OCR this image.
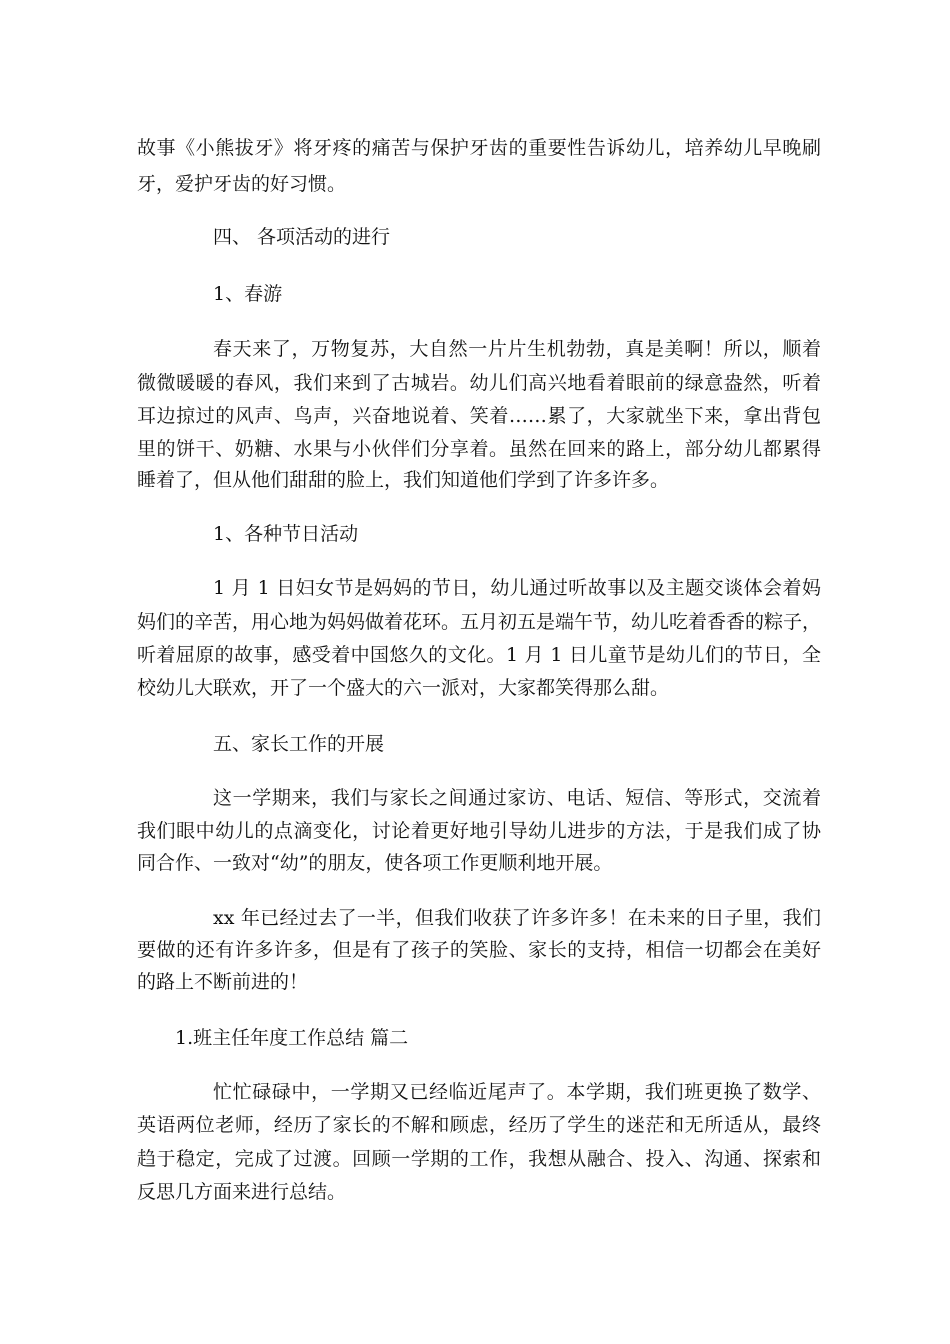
故事《小熊拔牙》将牙疼的痛苦与保护牙齿的重要性告诉幼儿，培养幼儿早晚刷

牙，爱护牙齿的好习惯。

四、 各项活动的进行

1、春游

春天来了，万物复苏，大自然一片片生机勃勃，真是美啊！所以，顺着

微微暖暖的春风，我们来到了古城岩。幼儿们高兴地看着眼前的绿意盎然，听着

耳边掠过的风声、鸟声，兴奋地说着、笑着……累了，大家就坐下来，拿出背包

里的饼干、奶糖、水果与小伙伴们分享着。虽然在回来的路上，部分幼儿都累得

睡着了，但从他们甜甜的脸上，我们知道他们学到了许多许多。

1、各种节日活动

1 月 1 日妇女节是妈妈的节日，幼儿通过听故事以及主题交谈体会着妈

妈们的辛苦，用心地为妈妈做着花环。五月初五是端午节，幼儿吃着香香的粽子，

听着屈原的故事，感受着中国悠久的文化。1 月 1 日儿童节是幼儿们的节日，全

校幼儿大联欢，开了一个盛大的六一派对，大家都笑得那么甜。

五、家长工作的开展

这一学期来，我们与家长之间通过家访、电话、短信、等形式，交流着

我们眼中幼儿的点滴变化，讨论着更好地引导幼儿进步的方法，于是我们成了协

同合作、一致对“幼”的朋友，使各项工作更顺利地开展。

xx 年已经过去了一半，但我们收获了许多许多！在未来的日子里，我们

要做的还有许多许多，但是有了孩子的笑脸、家长的支持，相信一切都会在美好

的路上不断前进的！

1.班主任年度工作总结 篇二

忙忙碌碌中，一学期又已经临近尾声了。本学期，我们班更换了数学、

英语两位老师，经历了家长的不解和顾虑，经历了学生的迷茫和无所适从，最终

趋于稳定，完成了过渡。回顾一学期的工作，我想从融合、投入、沟通、探索和

反思几方面来进行总结。
